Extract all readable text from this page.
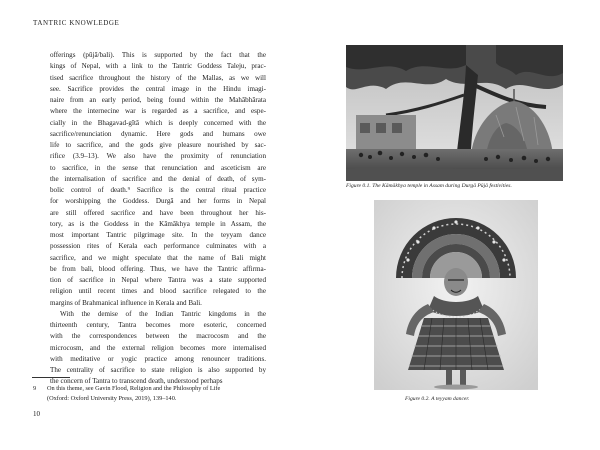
TANTRIC KNOWLEDGE
offerings (pūjā/bali). This is supported by the fact that the
kings of Nepal, with a link to the Tantric Goddess Taleju, prac-
tised sacrifice throughout the history of the Mallas, as we will
see. Sacrifice provides the central image in the Hindu imagi-
naire from an early period, being found within the Mahābhārata
where the internecine war is regarded as a sacrifice, and espe-
cially in the Bhagavad-gītā which is deeply concerned with the
sacrifice/renunciation dynamic. Here gods and humans owe
life to sacrifice, and the gods give pleasure nourished by sac-
rifice (3.9–13). We also have the proximity of renunciation
to sacrifice, in the sense that renunciation and asceticism are
the internalisation of sacrifice and the denial of death, of sym-
bolic control of death.⁹ Sacrifice is the central ritual practice
for worshipping the Goddess. Durgā and her forms in Nepal
are still offered sacrifice and have been throughout her his-
tory, as is the Goddess in the Kāmākhya temple in Assam, the
most important Tantric pilgrimage site. In the teyyam dance
possession rites of Kerala each performance culminates with a
sacrifice, and we might speculate that the name of Bali might
be from bali, blood offering. Thus, we have the Tantric affirma-
tion of sacrifice in Nepal where Tantra was a state supported
religion until recent times and blood sacrifice relegated to the
margins of Brahmanical influence in Kerala and Bali.
With the demise of the Indian Tantric kingdoms in the
thirteenth century, Tantra becomes more esoteric, concerned
with the correspondences between the macrocosm and the
microcosm, and the external religion becomes more internalised
with meditative or yogic practice among renouncer traditions.
The centrality of sacrifice to state religion is also supported by
the concern of Tantra to transcend death, understood perhaps
9 On this theme, see Gavin Flood, Religion and the Philosophy of Life
(Oxford: Oxford University Press, 2019), 139–140.
10
Figure 0.1. The Kāmākhya temple in Assam during Durgā Pūjā festivities.
Figure 0.2. A teyyam dancer.
